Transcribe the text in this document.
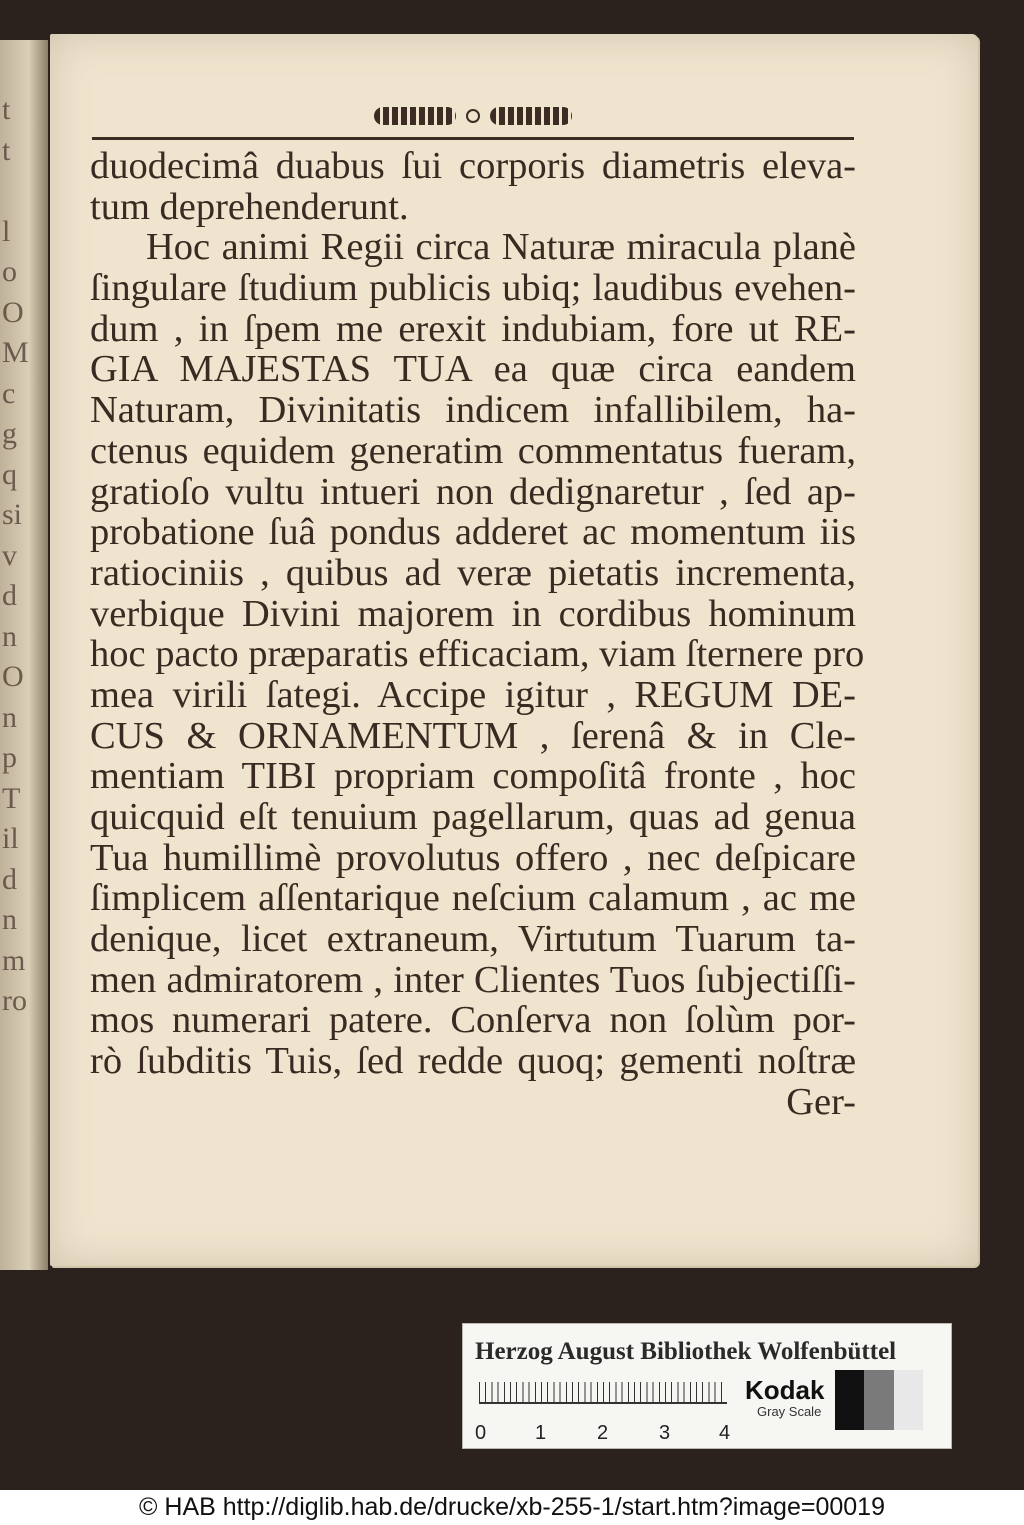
t
t
l
o
O
M
c
g
q
si
v
d
n
O
n
p
T
il
d
n
m
ro
duodecimâ duabus ſui corporis diametris eleva-
tum deprehenderunt.
Hoc animi Regii circa Naturæ miracula planè
ſingulare ſtudium publicis ubiq; laudibus evehen-
dum , in ſpem me erexit indubiam, fore ut RE-
GIA MAJESTAS TUA ea quæ circa eandem
Naturam, Divinitatis indicem infallibilem, ha-
ctenus equidem generatim commentatus fueram,
gratioſo vultu intueri non dedignaretur , ſed ap-
probatione ſuâ pondus adderet ac momentum iis
ratiociniis , quibus ad veræ pietatis incrementa,
verbique Divini majorem in cordibus hominum
hoc pacto præparatis efficaciam, viam ſternere pro
mea virili ſategi. Accipe igitur , REGUM DE-
CUS & ORNAMENTUM , ſerenâ & in Cle-
mentiam TIBI propriam compoſitâ fronte , hoc
quicquid eſt tenuium pagellarum, quas ad genua
Tua humillimè provolutus offero , nec deſpicare
ſimplicem aſſentarique neſcium calamum , ac me
denique, licet extraneum, Virtutum Tuarum ta-
men admiratorem , inter Clientes Tuos ſubjectiſſi-
mos numerari patere. Conſerva non ſolùm por-
rò ſubditis Tuis, ſed redde quoq; gementi noſtræ
Ger-
Herzog August Bibliothek Wolfenbüttel
0 1	2	3 4
Kodak
Gray Scale
© HAB http://diglib.hab.de/drucke/xb-255-1/start.htm?image=00019
